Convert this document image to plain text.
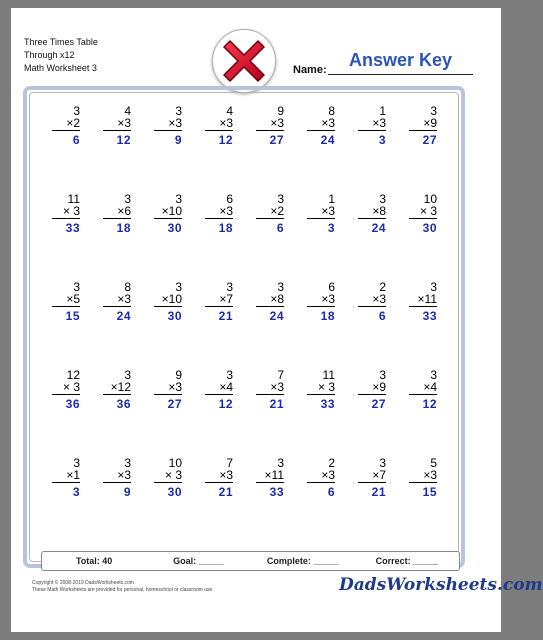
Three Times Table
Through x12
Math Worksheet 3	Name:	Answer Key
3
×2
6
4
×3
12
3
×3
9
4
×3
12
9
×3
27
8
×3
24
1
×3
3
3
×9
27
11
× 3
33
3
×6
18
3
×10
30
6
×3
18
3
×2
6
1
×3
3
3
×8
24
10
× 3
30
3
×5
15
8
×3
24
3
×10
30
3
×7
21
3
×8
24
6
×3
18
2
×3
6
3
×11
33
12
× 3
36
3
×12
36
9
×3
27
3
×4
12
7
×3
21
11
× 3
33
3
×9
27
3
×4
12
3
×1
3
3
×3
9
10
× 3
30
7
×3
21
3
×11
33
2
×3
6
3
×7
21
5
×3
15
Total: 40	Goal: _____	Complete: _____	Correct: _____
Copyright © 2008-2019 DadsWorksheets.com
These Math Worksheets are provided for personal, homeschool or classroom use.	DadsWorksheets.com
